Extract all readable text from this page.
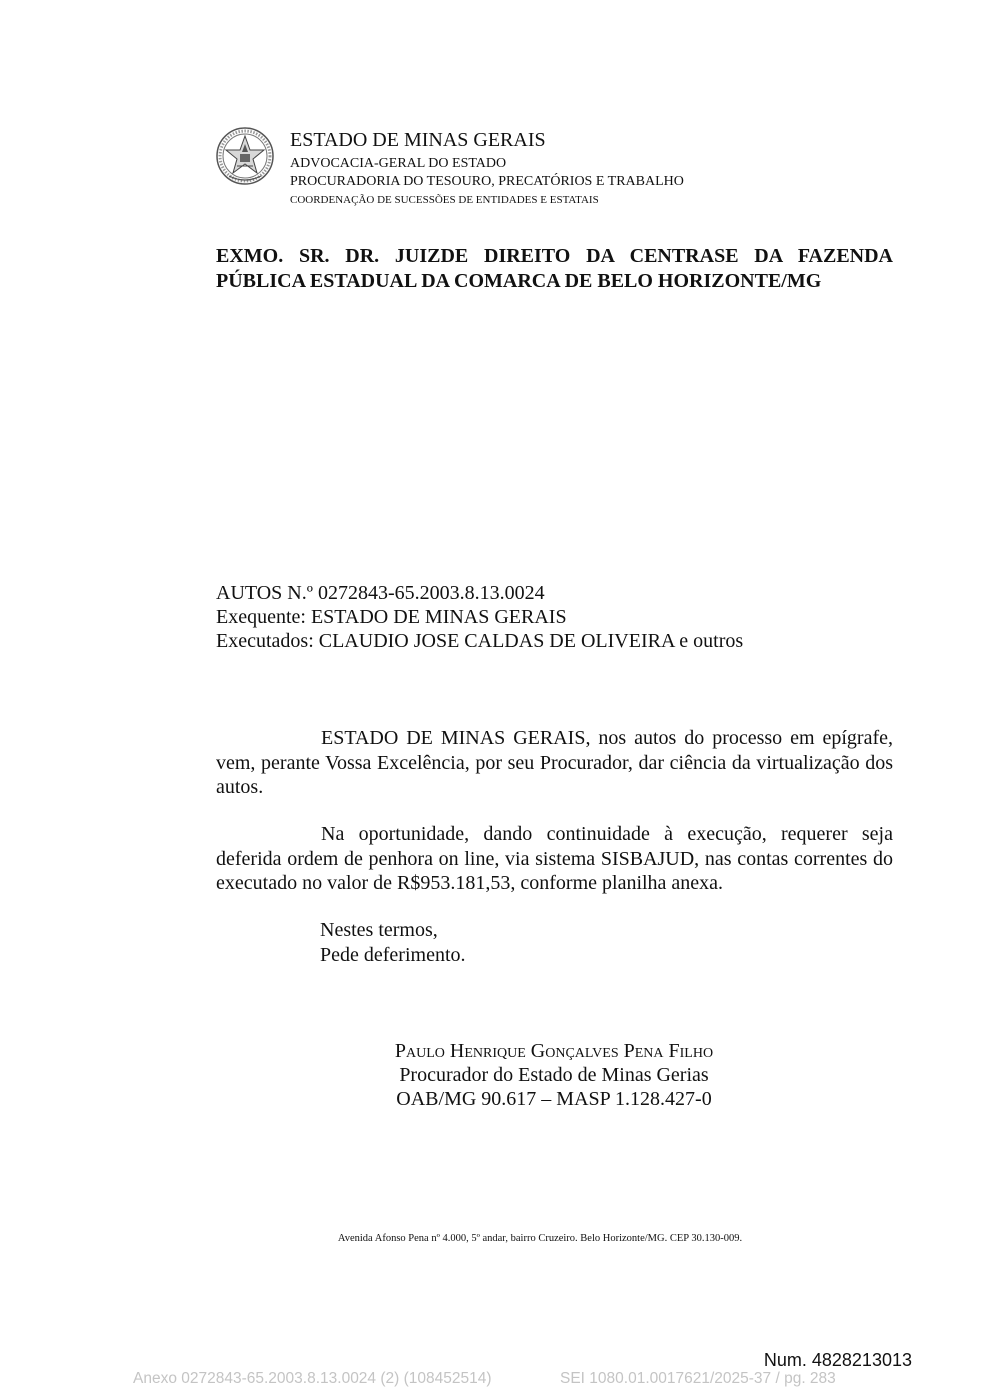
ESTADO DE MINAS GERAIS
ADVOCACIA-GERAL DO ESTADO
PROCURADORIA DO TESOURO, PRECATÓRIOS E TRABALHO
COORDENAÇÃO DE SUCESSÕES DE ENTIDADES E ESTATAIS
EXMO. SR. DR. JUIZDE DIREITO DA CENTRASE DA FAZENDA
PÚBLICA ESTADUAL DA COMARCA DE BELO HORIZONTE/MG
AUTOS N.º 0272843-65.2003.8.13.0024
Exequente: ESTADO DE MINAS GERAIS
Executados: CLAUDIO JOSE CALDAS DE OLIVEIRA e outros
ESTADO DE MINAS GERAIS, nos autos do processo em epígrafe, vem, perante Vossa Excelência, por seu Procurador, dar ciência da virtualização dos autos.
Na oportunidade, dando continuidade à execução, requerer seja deferida ordem de penhora on line, via sistema SISBAJUD, nas contas correntes do executado no valor de R$953.181,53, conforme planilha anexa.
Nestes termos,
Pede deferimento.
Paulo Henrique Gonçalves Pena Filho
Procurador do Estado de Minas Gerias
OAB/MG 90.617 – MASP 1.128.427-0
Avenida Afonso Pena nº 4.000, 5º andar, bairro Cruzeiro. Belo Horizonte/MG. CEP 30.130-009.
Num. 4828213013
Anexo 0272843-65.2003.8.13.0024 (2) (108452514)	SEI 1080.01.0017621/2025-37 / pg. 283
